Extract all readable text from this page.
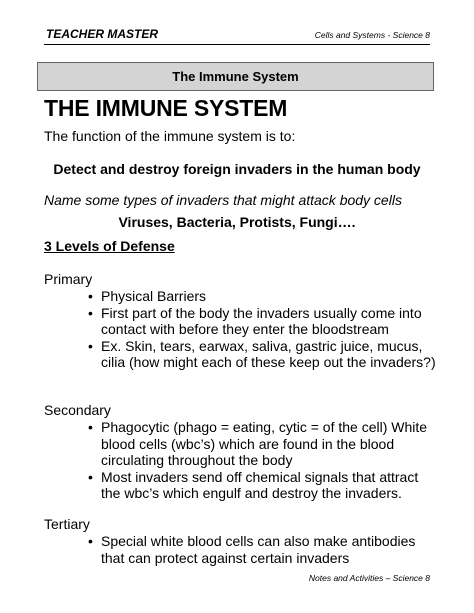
TEACHER MASTER	Cells and Systems - Science 8
The Immune System
THE IMMUNE SYSTEM
The function of the immune system is to:
Detect and destroy foreign invaders in the human body
Name some types of invaders that might attack body cells
Viruses, Bacteria, Protists, Fungi….
3 Levels of Defense
Primary
• Physical Barriers
• First part of the body the invaders usually come into contact with before they enter the bloodstream
• Ex. Skin, tears, earwax, saliva, gastric juice, mucus, cilia (how might each of these keep out the invaders?)
Secondary
• Phagocytic (phago = eating, cytic = of the cell) White blood cells (wbc’s) which are found in the blood circulating throughout the body
• Most invaders send off chemical signals that attract the wbc’s which engulf and destroy the invaders.
Tertiary
• Special white blood cells can also make antibodies that can protect against certain invaders
Notes and Activities – Science 8
